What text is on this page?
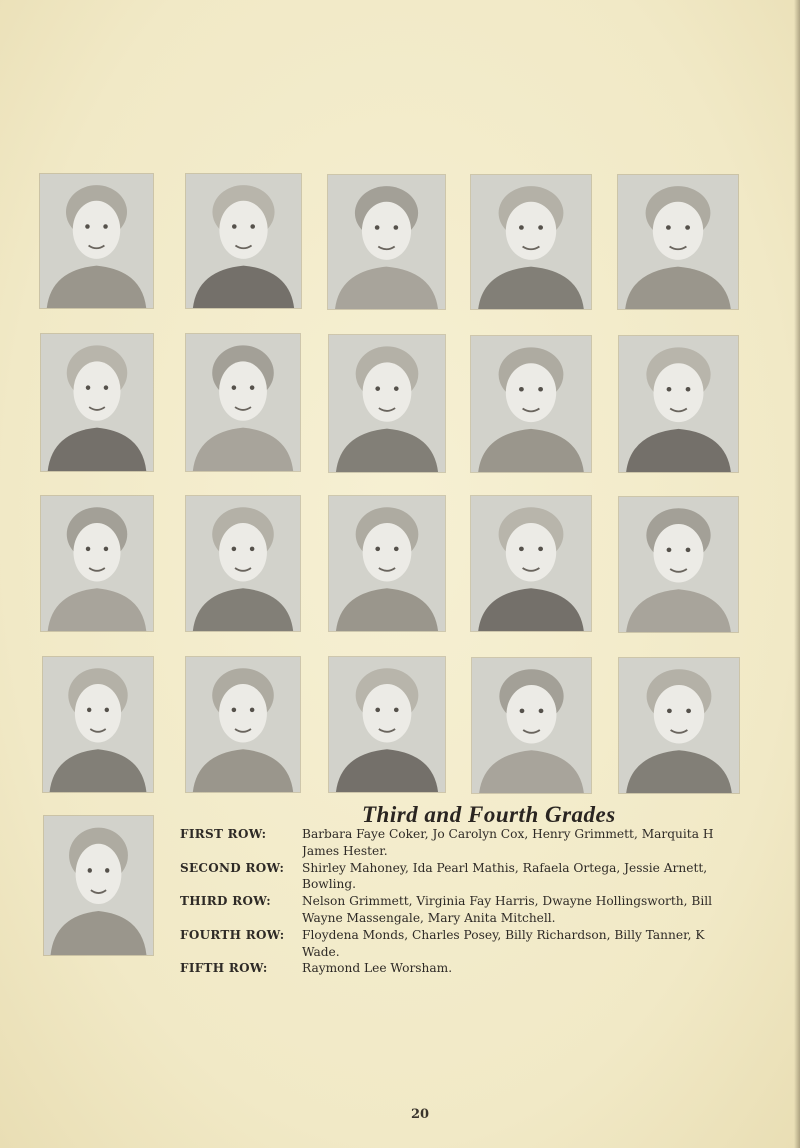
Third and Fourth Grades
FIRST ROW:	Barbara Faye Coker, Jo Carolyn Cox, Henry Grimmett, Marquita H
James Hester.
SECOND ROW:	Shirley Mahoney, Ida Pearl Mathis, Rafaela Ortega, Jessie Arnett,
Bowling.
THIRD ROW:	Nelson Grimmett, Virginia Fay Harris, Dwayne Hollingsworth, Bill
Wayne Massengale, Mary Anita Mitchell.
FOURTH ROW:	Floydena Monds, Charles Posey, Billy Richardson, Billy Tanner, K
Wade.
FIFTH ROW:	Raymond Lee Worsham.
20
